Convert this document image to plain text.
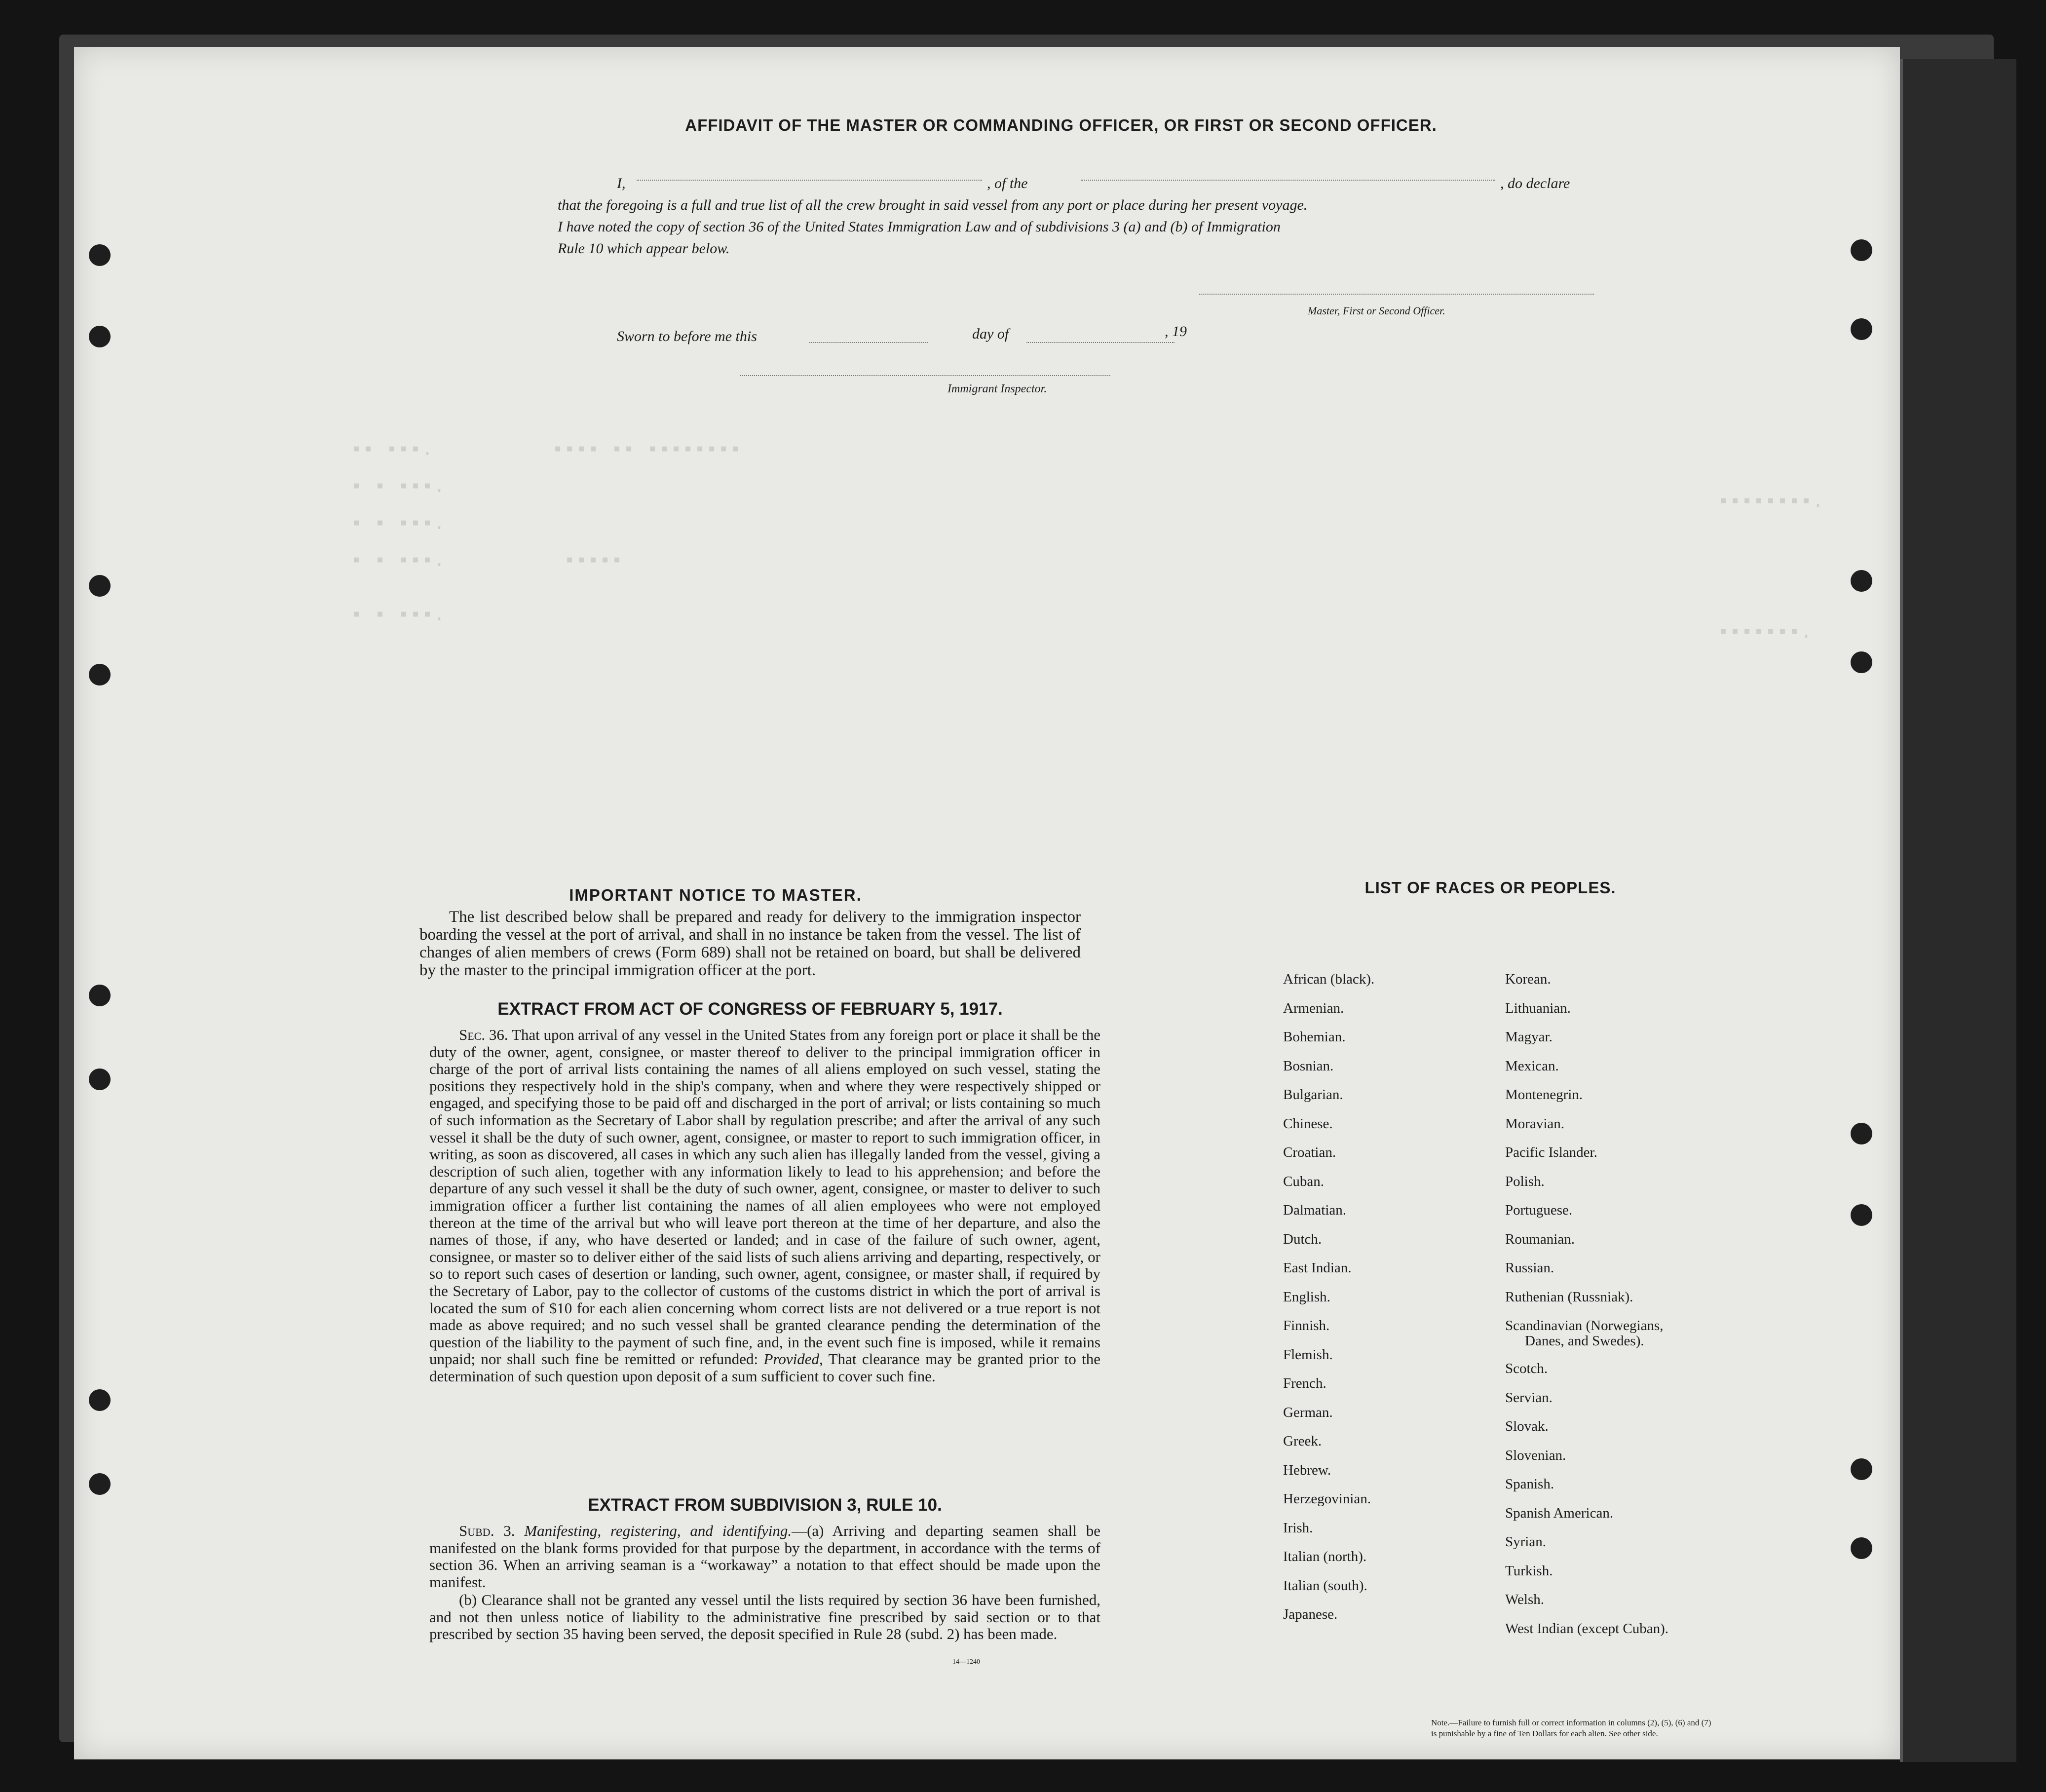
▪▪ ▪▪▪.          ▪▪▪▪ ▪▪ ▪▪▪▪▪▪▪▪
▪ ▪ ▪▪▪.
▪ ▪ ▪▪▪.
▪ ▪ ▪▪▪.          ▪▪▪▪▪
▪ ▪ ▪▪▪.
▪▪▪▪▪▪▪.
▪▪▪▪▪▪▪▪.
AFFIDAVIT OF THE MASTER OR COMMANDING OFFICER, OR FIRST OR SECOND OFFICER.
I,	, of the	, do declare
that the foregoing is a full and true list of all the crew brought in said vessel from any port or place during her present voyage.
I have noted the copy of section 36 of the United States Immigration Law and of subdivisions 3 (a) and (b) of Immigration
Rule 10 which appear below.
Master, First or Second Officer.
Sworn to before me this	day of	, 19
Immigrant Inspector.
IMPORTANT NOTICE TO MASTER.

The list described below shall be prepared and ready for delivery to the immigration inspector boarding the vessel at the port of arrival, and shall in no instance be taken from the vessel. The list of changes of alien members of crews (Form 689) shall not be retained on board, but shall be delivered by the master to the principal immigration officer at the port.

EXTRACT FROM ACT OF CONGRESS OF FEBRUARY 5, 1917.

Sec. 36. That upon arrival of any vessel in the United States from any foreign port or place it shall be the duty of the owner, agent, consignee, or master thereof to deliver to the principal immigration officer in charge of the port of arrival lists containing the names of all aliens employed on such vessel, stating the positions they respectively hold in the ship's company, when and where they were respectively shipped or engaged, and specifying those to be paid off and discharged in the port of arrival; or lists containing so much of such information as the Secretary of Labor shall by regulation prescribe; and after the arrival of any such vessel it shall be the duty of such owner, agent, consignee, or master to report to such immigration officer, in writing, as soon as discovered, all cases in which any such alien has illegally landed from the vessel, giving a description of such alien, together with any information likely to lead to his apprehension; and before the departure of any such vessel it shall be the duty of such owner, agent, consignee, or master to deliver to such immigration officer a further list containing the names of all alien employees who were not employed thereon at the time of the arrival but who will leave port thereon at the time of her departure, and also the names of those, if any, who have deserted or landed; and in case of the failure of such owner, agent, consignee, or master so to deliver either of the said lists of such aliens arriving and departing, respectively, or so to report such cases of desertion or landing, such owner, agent, consignee, or master shall, if required by the Secretary of Labor, pay to the collector of customs of the customs district in which the port of arrival is located the sum of $10 for each alien concerning whom correct lists are not delivered or a true report is not made as above required; and no such vessel shall be granted clearance pending the determination of the question of the liability to the payment of such fine, and, in the event such fine is imposed, while it remains unpaid; nor shall such fine be remitted or refunded: Provided, That clearance may be granted prior to the determination of such question upon deposit of a sum sufficient to cover such fine.

EXTRACT FROM SUBDIVISION 3, RULE 10.

Subd. 3. Manifesting, registering, and identifying.—(a) Arriving and departing seamen shall be manifested on the blank forms provided for that purpose by the department, in accordance with the terms of section 36. When an arriving seaman is a “workaway” a notation to that effect should be made upon the manifest.

(b) Clearance shall not be granted any vessel until the lists required by section 36 have been furnished, and not then unless notice of liability to the administrative fine prescribed by said section or to that prescribed by section 35 having been served, the deposit specified in Rule 28 (subd. 2) has been made.

14—1240
LIST OF RACES OR PEOPLES.
African (black).
Armenian.
Bohemian.
Bosnian.
Bulgarian.
Chinese.
Croatian.
Cuban.
Dalmatian.
Dutch.
East Indian.
English.
Finnish.
Flemish.
French.
German.
Greek.
Hebrew.
Herzegovinian.
Irish.
Italian (north).
Italian (south).
Japanese.
Korean.
Lithuanian.
Magyar.
Mexican.
Montenegrin.
Moravian.
Pacific Islander.
Polish.
Portuguese.
Roumanian.
Russian.
Ruthenian (Russniak).
Scandinavian (Norwegians,
Danes, and Swedes).
Scotch.
Servian.
Slovak.
Slovenian.
Spanish.
Spanish American.
Syrian.
Turkish.
Welsh.
West Indian (except Cuban).
Note.—Failure to furnish full or correct information in columns (2), (5), (6) and (7)
is punishable by a fine of Ten Dollars for each alien. See other side.
